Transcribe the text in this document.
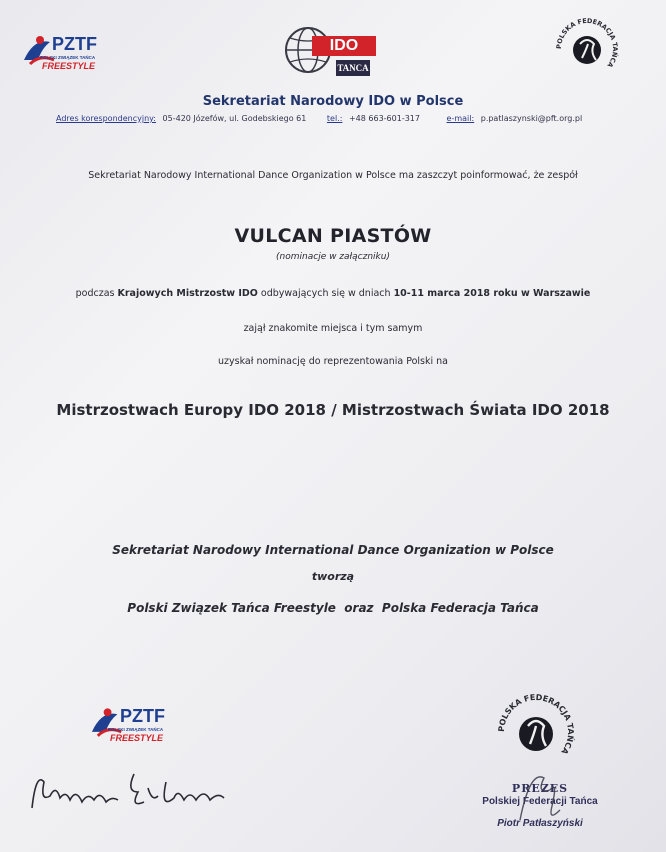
PZTF
POLSKI ZWIĄZEK TAŃCA
FREESTYLE
IDO
TANCA
POLSKA FEDERACJA TAŃCA
Sekretariat Narodowy IDO w Polsce
Adres korespondencyjny: 05-420 Józefów, ul. Godebskiego 61	tel.: +48 663-601-317	e-mail: p.patlaszynski@pft.org.pl
Sekretariat Narodowy International Dance Organization w Polsce ma zaszczyt poinformować, że zespół
VULCAN PIASTÓW
(nominacje w załączniku)
podczas Krajowych Mistrzostw IDO odbywających się w dniach 10-11 marca 2018 roku w Warszawie
zajął znakomite miejsca i tym samym
uzyskał nominację do reprezentowania Polski na
Mistrzostwach Europy IDO 2018 / Mistrzostwach Świata IDO 2018
Sekretariat Narodowy International Dance Organization w Polsce
tworzą
Polski Związek Tańca Freestyle  oraz  Polska Federacja Tańca
PZTF
POLSKI ZWIĄZEK TAŃCA
FREESTYLE
POLSKA FEDERACJA TAŃCA
PREZES
Polskiej Federacji Tańca
Piotr Patłaszyński
